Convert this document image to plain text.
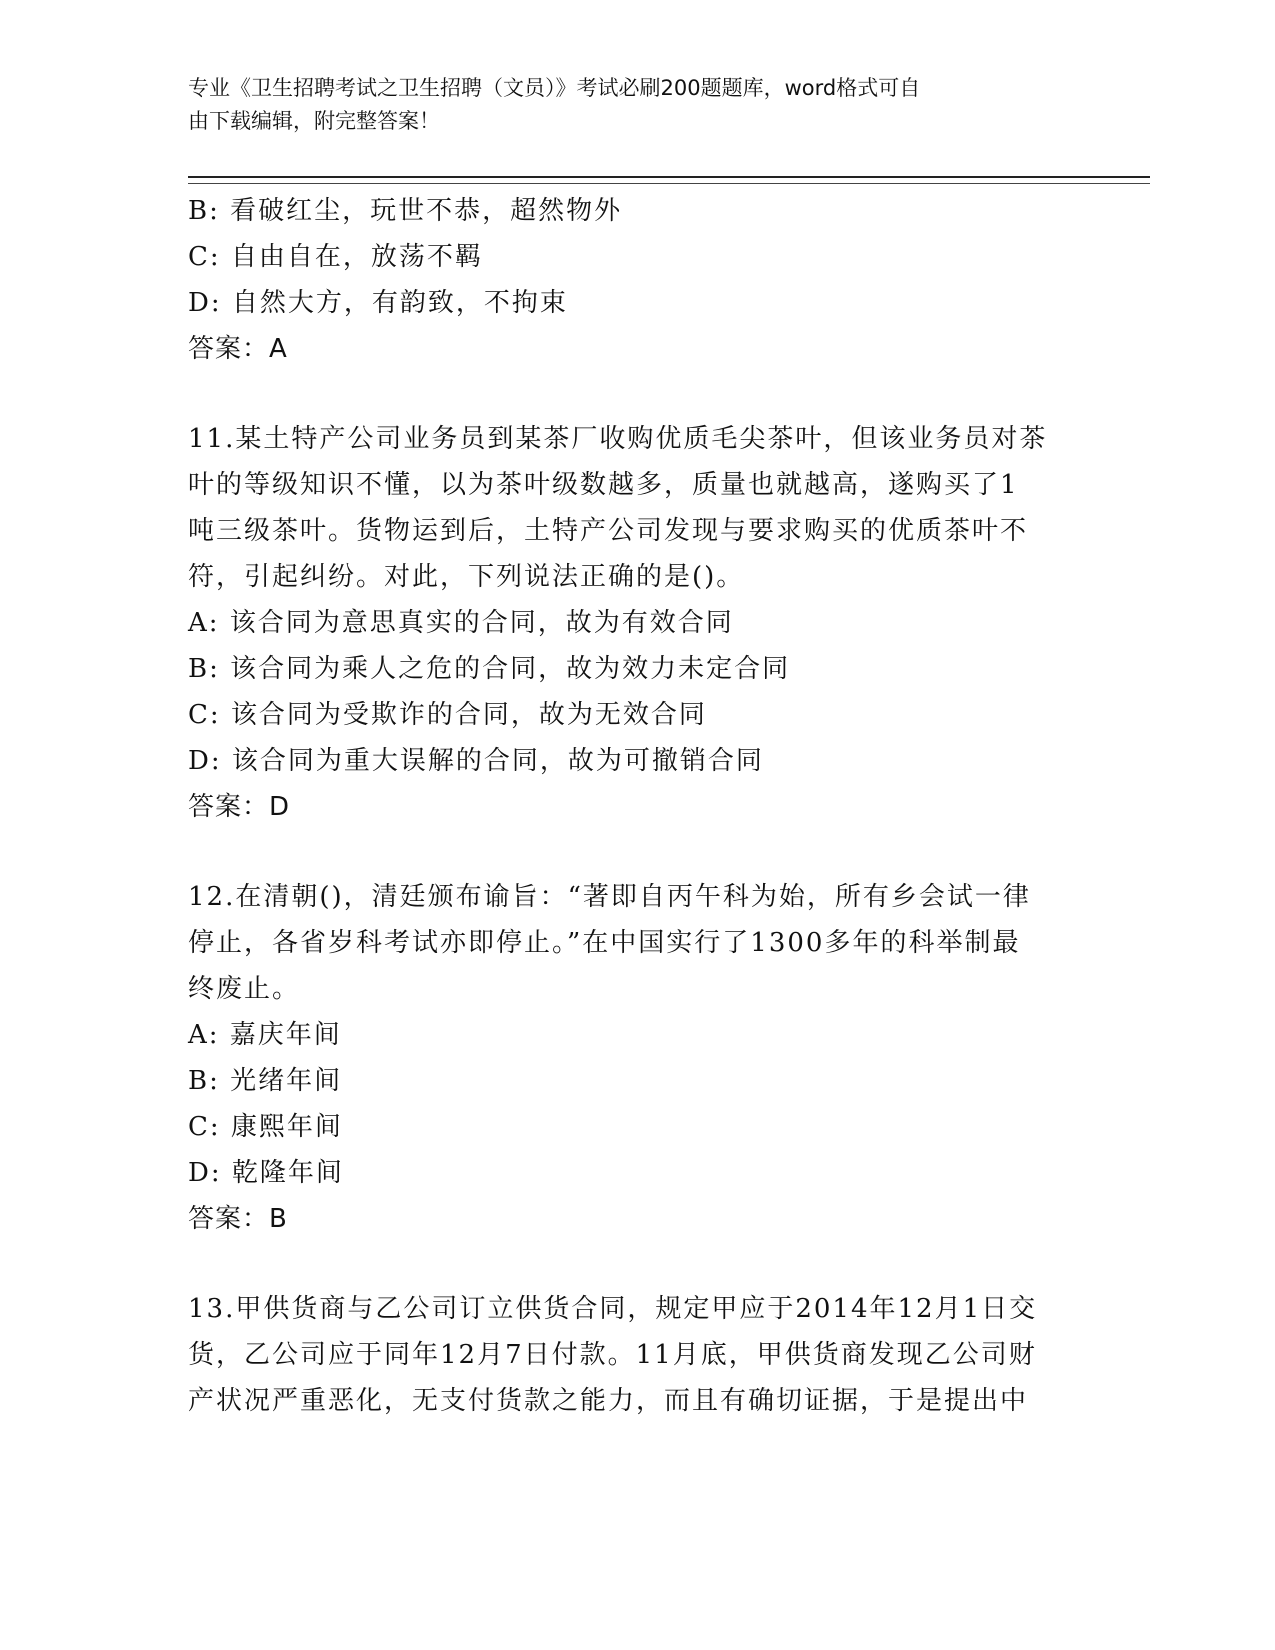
专业《卫生招聘考试之卫生招聘（文员）》考试必刷200题题库，word格式可自
由下载编辑，附完整答案！
B: 看破红尘，玩世不恭，超然物外
C: 自由自在，放荡不羁
D: 自然大方，有韵致，不拘束
答案：A
11.某土特产公司业务员到某茶厂收购优质毛尖茶叶，但该业务员对茶
叶的等级知识不懂，以为茶叶级数越多，质量也就越高，遂购买了1
吨三级茶叶。货物运到后，土特产公司发现与要求购买的优质茶叶不
符，引起纠纷。对此，下列说法正确的是()。
A: 该合同为意思真实的合同，故为有效合同
B: 该合同为乘人之危的合同，故为效力未定合同
C: 该合同为受欺诈的合同，故为无效合同
D: 该合同为重大误解的合同，故为可撤销合同
答案：D
12.在清朝()，清廷颁布谕旨：“著即自丙午科为始，所有乡会试一律
停止，各省岁科考试亦即停止。”在中国实行了1300多年的科举制最
终废止。
A: 嘉庆年间
B: 光绪年间
C: 康熙年间
D: 乾隆年间
答案：B
13.甲供货商与乙公司订立供货合同，规定甲应于2014年12月1日交
货，乙公司应于同年12月7日付款。11月底，甲供货商发现乙公司财
产状况严重恶化，无支付货款之能力，而且有确切证据，于是提出中
